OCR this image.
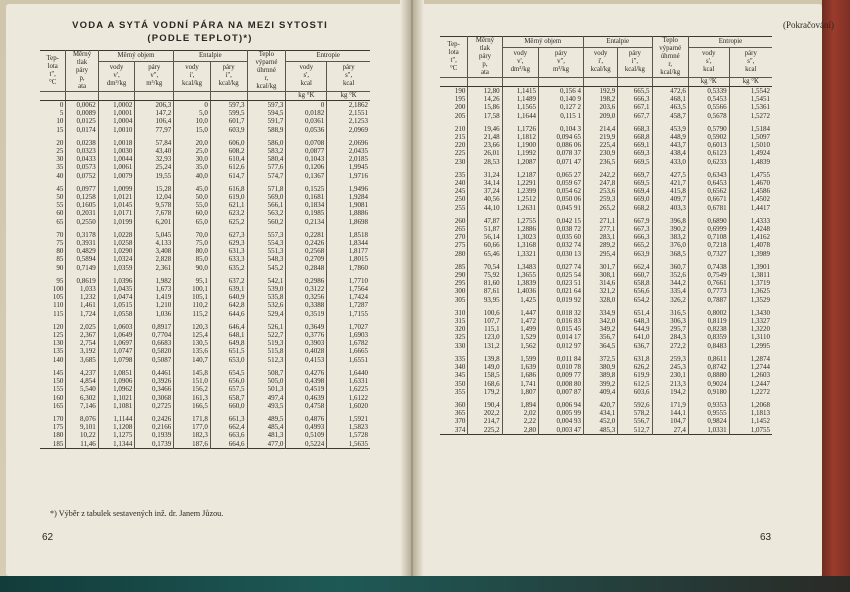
VODA A SYTÁ VODNÍ PÁRA NA MEZI SYTOSTI
(PODLE TEPLOT)*)
(Pokračování)
Tep-
lota
t",
°C	Měrný
tlak
páry
p,
ata	Měrný objem		Entalpie		Teplo
výparné
úhrnné
r,
kcal/kg	Entropie	
		vody
v',
dm³/kg	páry
v",
m³/kg	vody
i',
kcal/kg	páry
i",
kcal/kg		vody
s',
kcal	páry
s",
kcal
							kg °K	kg °K
0	0,0062	1,0002	206,3	0	597,3	597,3	0	2,1862
5	0,0089	1,0001	147,2	5,0	599,5	594,5	0,0182	2,1551
10	0,0125	1,0004	106,4	10,0	601,7	591,7	0,0361	2,1253
15	0,0174	1,0010	77,97	15,0	603,9	588,9	0,0536	2,0969

20	0,0238	1,0018	57,84	20,0	606,0	586,0	0,0708	2,0696
25	0,0323	1,0030	43,40	25,0	608,2	583,2	0,0877	2,0435
30	0,0433	1,0044	32,93	30,0	610,4	580,4	0,1043	2,0185
35	0,0573	1,0061	25,24	35,0	612,6	577,6	0,1206	1,9945
40	0,0752	1,0079	19,55	40,0	614,7	574,7	0,1367	1,9716

45	0,0977	1,0099	15,28	45,0	616,8	571,8	0,1525	1,9496
50	0,1258	1,0121	12,04	50,0	619,0	569,0	0,1681	1,9284
55	0,1605	1,0145	9,578	55,0	621,1	566,1	0,1834	1,9081
60	0,2031	1,0171	7,678	60,0	623,2	563,2	0,1985	1,8886
65	0,2550	1,0199	6,201	65,0	625,2	560,2	0,2134	1,8698

70	0,3178	1,0228	5,045	70,0	627,3	557,3	0,2281	1,8518
75	0,3931	1,0258	4,133	75,0	629,3	554,3	0,2426	1,8344
80	0,4829	1,0290	3,408	80,0	631,3	551,3	0,2568	1,8177
85	0,5894	1,0324	2,828	85,0	633,3	548,3	0,2709	1,8015
90	0,7149	1,0359	2,361	90,0	635,2	545,2	0,2848	1,7860

95	0,8619	1,0396	1,982	95,1	637,2	542,1	0,2986	1,7710
100	1,033	1,0435	1,673	100,1	639,1	539,0	0,3122	1,7564
105	1,232	1,0474	1,419	105,1	640,9	535,8	0,3256	1,7424
110	1,461	1,0515	1,210	110,2	642,8	532,6	0,3388	1,7287
115	1,724	1,0558	1,036	115,2	644,6	529,4	0,3519	1,7155

120	2,025	1,0603	0,8917	120,3	646,4	526,1	0,3649	1,7027
125	2,367	1,0649	0,7704	125,4	648,1	522,7	0,3776	1,6903
130	2,754	1,0697	0,6683	130,5	649,8	519,3	0,3903	1,6782
135	3,192	1,0747	0,5820	135,6	651,5	515,8	0,4028	1,6665
140	3,685	1,0798	0,5087	140,7	653,0	512,3	0,4153	1,6551

145	4,237	1,0851	0,4461	145,8	654,5	508,7	0,4276	1,6440
150	4,854	1,0906	0,3926	151,0	656,0	505,0	0,4398	1,6331
155	5,540	1,0962	0,3466	156,2	657,5	501,3	0,4519	1,6225
160	6,302	1,1021	0,3068	161,3	658,7	497,4	0,4639	1,6122
165	7,146	1,1081	0,2725	166,5	660,0	493,5	0,4758	1,6020

170	8,076	1,1144	0,2426	171,8	661,3	489,5	0,4876	1,5921
175	9,101	1,1208	0,2166	177,0	662,4	485,4	0,4993	1,5823
180	10,22	1,1275	0,1939	182,3	663,6	481,3	0,5109	1,5728
185	11,46	1,1344	0,1739	187,6	664,6	477,0	0,5224	1,5635
Tep-
lota
t",
°C	Měrný
tlak
páry
p,
ata	Měrný objem		Entalpie		Teplo
výparné
úhrnné
r,
kcal/kg	Entropie	
		vody
v',
dm³/kg	páry
v",
m³/kg	vody
i',
kcal/kg	páry
i",
kcal/kg		vody
s',
kcal	páry
s",
kcal
							kg °K	kg °K
190	12,80	1,1415	0,156 4	192,9	665,5	472,6	0,5339	1,5542
195	14,26	1,1489	0,140 9	198,2	666,3	468,1	0,5453	1,5451
200	15,86	1,1565	0,127 2	203,6	667,1	463,5	0,5566	1,5361
205	17,58	1,1644	0,115 1	209,0	667,7	458,7	0,5678	1,5272

210	19,46	1,1726	0,104 3	214,4	668,3	453,9	0,5790	1,5184
215	21,48	1,1812	0,094 65	219,9	668,8	448,9	0,5902	1,5097
220	23,66	1,1900	0,086 06	225,4	669,1	443,7	0,6013	1,5010
225	26,01	1,1992	0,078 37	230,9	669,3	438,4	0,6123	1,4924
230	28,53	1,2087	0,071 47	236,5	669,5	433,0	0,6233	1,4839

235	31,24	1,2187	0,065 27	242,2	669,7	427,5	0,6343	1,4755
240	34,14	1,2291	0,059 67	247,8	669,5	421,7	0,6453	1,4670
245	37,24	1,2399	0,054 62	253,6	669,4	415,8	0,6562	1,4586
250	40,56	1,2512	0,050 06	259,3	669,0	409,7	0,6671	1,4502
255	44,10	1,2631	0,045 91	265,2	668,2	403,3	0,6781	1,4417

260	47,87	1,2755	0,042 15	271,1	667,9	396,8	0,6890	1,4333
265	51,87	1,2886	0,038 72	277,1	667,3	390,2	0,6999	1,4248
270	56,14	1,3023	0,035 60	283,1	666,3	383,2	0,7108	1,4162
275	60,66	1,3168	0,032 74	289,2	665,2	376,0	0,7218	1,4078
280	65,46	1,3321	0,030 13	295,4	663,9	368,5	0,7327	1,3989

285	70,54	1,3483	0,027 74	301,7	662,4	360,7	0,7438	1,3901
290	75,92	1,3655	0,025 54	308,1	660,7	352,6	0,7549	1,3811
295	81,60	1,3839	0,023 51	314,6	658,8	344,2	0,7661	1,3719
300	87,61	1,4036	0,021 64	321,2	656,6	335,4	0,7773	1,3625
305	93,95	1,425	0,019 92	328,0	654,2	326,2	0,7887	1,3529

310	100,6	1,447	0,018 32	334,9	651,4	316,5	0,8002	1,3430
315	107,7	1,472	0,016 83	342,0	648,3	306,3	0,8119	1,3327
320	115,1	1,499	0,015 45	349,2	644,9	295,7	0,8238	1,3220
325	123,0	1,529	0,014 17	356,7	641,0	284,3	0,8359	1,3110
330	131,2	1,562	0,012 97	364,5	636,7	272,2	0,8483	1,2995

335	139,8	1,599	0,011 84	372,5	631,8	259,3	0,8611	1,2874
340	149,0	1,639	0,010 78	380,9	626,2	245,3	0,8742	1,2744
345	158,5	1,686	0,009 77	389,8	619,9	230,1	0,8880	1,2603
350	168,6	1,741	0,008 80	399,2	612,5	213,3	0,9024	1,2447
355	179,2	1,807	0,007 87	409,4	603,6	194,2	0,9180	1,2272

360	190,4	1,894	0,006 94	420,7	592,6	171,9	0,9353	1,2068
365	202,2	2,02	0,005 99	434,1	578,2	144,1	0,9555	1,1813
370	214,7	2,22	0,004 93	452,0	556,7	104,7	0,9824	1,1452
374	225,2	2,80	0,003 47	485,3	512,7	27,4	1,0331	1,0755
*) Výběr z tabulek sestavených inž. dr. Janem Jůzou.
62	63
